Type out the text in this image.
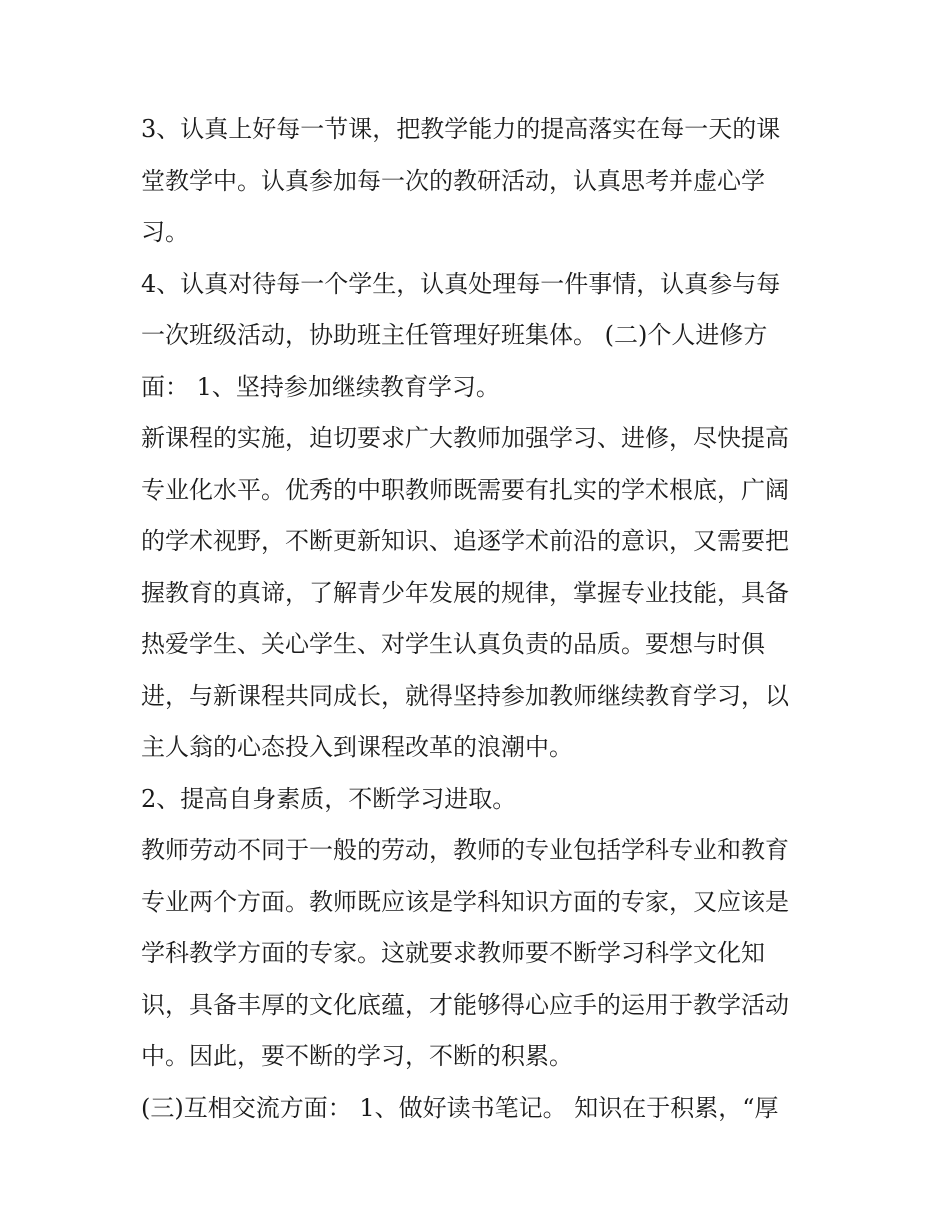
3、认真上好每一节课，把教学能力的提高落实在每一天的课
堂教学中。认真参加每一次的教研活动，认真思考并虚心学
习。

4、认真对待每一个学生，认真处理每一件事情，认真参与每
一次班级活动，协助班主任管理好班集体。 (二)个人进修方
面： 1、坚持参加继续教育学习。

新课程的实施，迫切要求广大教师加强学习、进修，尽快提高
专业化水平。优秀的中职教师既需要有扎实的学术根底，广阔
的学术视野，不断更新知识、追逐学术前沿的意识，又需要把
握教育的真谛，了解青少年发展的规律，掌握专业技能，具备
热爱学生、关心学生、对学生认真负责的品质。要想与时俱
进，与新课程共同成长，就得坚持参加教师继续教育学习，以
主人翁的心态投入到课程改革的浪潮中。

2、提高自身素质，不断学习进取。

教师劳动不同于一般的劳动，教师的专业包括学科专业和教育
专业两个方面。教师既应该是学科知识方面的专家，又应该是
学科教学方面的专家。这就要求教师要不断学习科学文化知
识，具备丰厚的文化底蕴，才能够得心应手的运用于教学活动
中。因此，要不断的学习，不断的积累。

(三)互相交流方面： 1、做好读书笔记。 知识在于积累，“厚
